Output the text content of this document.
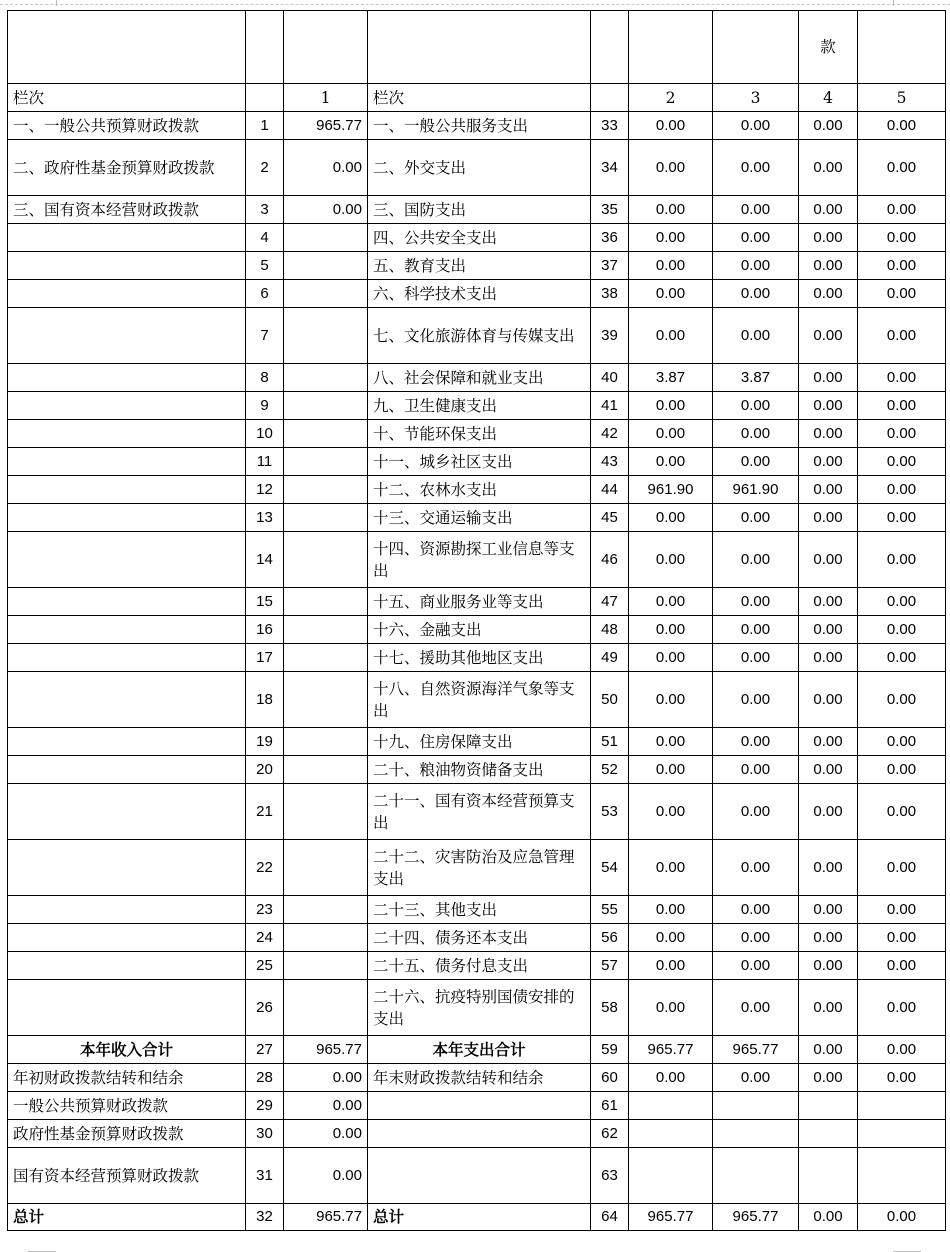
							款	
栏次		1	栏次		2	3	4	5
一、一般公共预算财政拨款	1	965.77	一、一般公共服务支出	33	0.00	0.00	0.00	0.00
二、政府性基金预算财政拨款	2	0.00	二、外交支出	34	0.00	0.00	0.00	0.00
三、国有资本经营财政拨款	3	0.00	三、国防支出	35	0.00	0.00	0.00	0.00
	4		四、公共安全支出	36	0.00	0.00	0.00	0.00
	5		五、教育支出	37	0.00	0.00	0.00	0.00
	6		六、科学技术支出	38	0.00	0.00	0.00	0.00
	7		七、文化旅游体育与传媒支出	39	0.00	0.00	0.00	0.00
	8		八、社会保障和就业支出	40	3.87	3.87	0.00	0.00
	9		九、卫生健康支出	41	0.00	0.00	0.00	0.00
	10		十、节能环保支出	42	0.00	0.00	0.00	0.00
	11		十一、城乡社区支出	43	0.00	0.00	0.00	0.00
	12		十二、农林水支出	44	961.90	961.90	0.00	0.00
	13		十三、交通运输支出	45	0.00	0.00	0.00	0.00
	14		十四、资源勘探工业信息等支出	46	0.00	0.00	0.00	0.00
	15		十五、商业服务业等支出	47	0.00	0.00	0.00	0.00
	16		十六、金融支出	48	0.00	0.00	0.00	0.00
	17		十七、援助其他地区支出	49	0.00	0.00	0.00	0.00
	18		十八、自然资源海洋气象等支出	50	0.00	0.00	0.00	0.00
	19		十九、住房保障支出	51	0.00	0.00	0.00	0.00
	20		二十、粮油物资储备支出	52	0.00	0.00	0.00	0.00
	21		二十一、国有资本经营预算支出	53	0.00	0.00	0.00	0.00
	22		二十二、灾害防治及应急管理支出	54	0.00	0.00	0.00	0.00
	23		二十三、其他支出	55	0.00	0.00	0.00	0.00
	24		二十四、债务还本支出	56	0.00	0.00	0.00	0.00
	25		二十五、债务付息支出	57	0.00	0.00	0.00	0.00
	26		二十六、抗疫特别国债安排的支出	58	0.00	0.00	0.00	0.00
本年收入合计	27	965.77	本年支出合计	59	965.77	965.77	0.00	0.00
年初财政拨款结转和结余	28	0.00	年末财政拨款结转和结余	60	0.00	0.00	0.00	0.00
一般公共预算财政拨款	29	0.00		61				
政府性基金预算财政拨款	30	0.00		62				
国有资本经营预算财政拨款	31	0.00		63				
总计	32	965.77	总计	64	965.77	965.77	0.00	0.00
